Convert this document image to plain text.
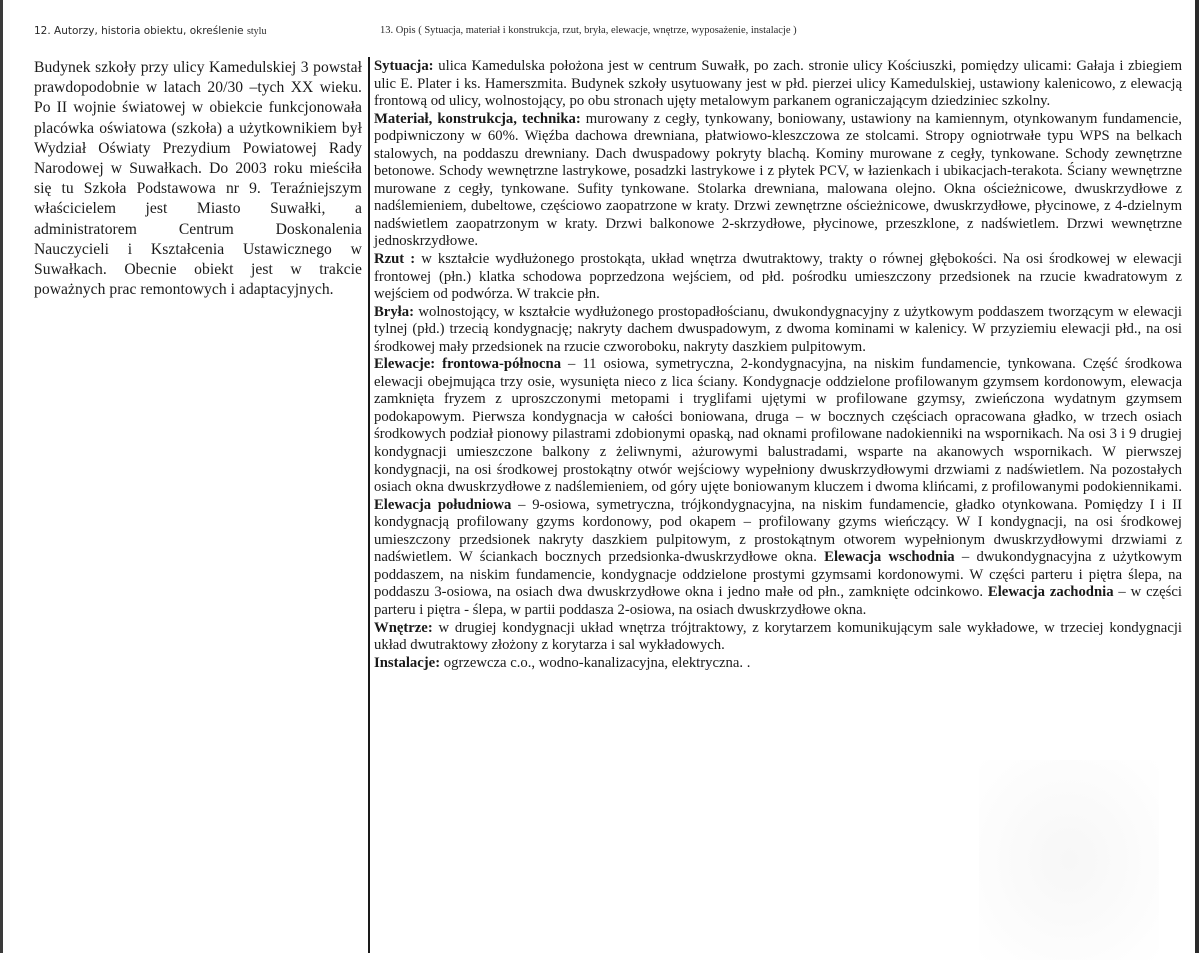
12. Autorzy, historia obiektu, określenie stylu	13. Opis ( Sytuacja, materiał i konstrukcja, rzut, bryła, elewacje, wnętrze, wyposażenie, instalacje )
Budynek szkoły przy ulicy Kamedulskiej 3 powstał prawdopodobnie w latach 20/30 –tych XX wieku. Po II wojnie światowej w obiekcie funkcjonowała placówka oświatowa (szkoła) a użytkownikiem był Wydział Oświaty Prezydium Powiatowej Rady Narodowej w Suwałkach. Do 2003 roku mieściła się tu Szkoła Podstawowa nr 9. Teraźniejszym właścicielem jest Miasto Suwałki, a administratorem Centrum Doskonalenia Nauczycieli i Kształcenia Ustawicznego w Suwałkach. Obecnie obiekt jest w trakcie poważnych prac remontowych i adaptacyjnych.

Sytuacja: ulica Kamedulska położona jest w centrum Suwałk, po zach. stronie ulicy Kościuszki, pomiędzy ulicami: Gałaja i zbiegiem ulic E. Plater i ks. Hamerszmita. Budynek szkoły usytuowany jest w płd. pierzei ulicy Kamedulskiej, ustawiony kalenicowo, z elewacją frontową od ulicy, wolnostojący, po obu stronach ujęty metalowym parkanem ograniczającym dziedziniec szkolny.

Materiał, konstrukcja, technika: murowany z cegły, tynkowany, boniowany, ustawiony na kamiennym, otynkowanym fundamencie, podpiwniczony w 60%. Więźba dachowa drewniana, płatwiowo-kleszczowa ze stolcami. Stropy ogniotrwałe typu WPS na belkach stalowych, na poddaszu drewniany. Dach dwuspadowy pokryty blachą. Kominy murowane z cegły, tynkowane. Schody zewnętrzne betonowe. Schody wewnętrzne lastrykowe, posadzki lastrykowe i z płytek PCV, w łazienkach i ubikacjach-terakota. Ściany wewnętrzne murowane z cegły, tynkowane. Sufity tynkowane. Stolarka drewniana, malowana olejno. Okna ościeżnicowe, dwuskrzydłowe z nadślemieniem, dubeltowe, częściowo zaopatrzone w kraty. Drzwi zewnętrzne ościeżnicowe, dwuskrzydłowe, płycinowe, z 4-dzielnym nadświetlem zaopatrzonym w kraty. Drzwi balkonowe 2-skrzydłowe, płycinowe, przeszklone, z nadświetlem. Drzwi wewnętrzne jednoskrzydłowe.

Rzut : w kształcie wydłużonego prostokąta, układ wnętrza dwutraktowy, trakty o równej głębokości. Na osi środkowej w elewacji frontowej (płn.) klatka schodowa poprzedzona wejściem, od płd. pośrodku umieszczony przedsionek na rzucie kwadratowym z wejściem od podwórza. W trakcie płn.

Bryła: wolnostojący, w kształcie wydłużonego prostopadłościanu, dwukondygnacyjny z użytkowym poddaszem tworzącym w elewacji tylnej (płd.) trzecią kondygnację; nakryty dachem dwuspadowym, z dwoma kominami w kalenicy. W przyziemiu elewacji płd., na osi środkowej mały przedsionek na rzucie czworoboku, nakryty daszkiem pulpitowym.

Elewacje: frontowa-północna – 11 osiowa, symetryczna, 2-kondygnacyjna, na niskim fundamencie, tynkowana. Część środkowa elewacji obejmująca trzy osie, wysunięta nieco z lica ściany. Kondygnacje oddzielone profilowanym gzymsem kordonowym, elewacja zamknięta fryzem z uproszczonymi metopami i tryglifami ujętymi w profilowane gzymsy, zwieńczona wydatnym gzymsem podokapowym. Pierwsza kondygnacja w całości boniowana, druga – w bocznych częściach opracowana gładko, w trzech osiach środkowych podział pionowy pilastrami zdobionymi opaską, nad oknami profilowane nadokienniki na wspornikach. Na osi 3 i 9 drugiej kondygnacji umieszczone balkony z żeliwnymi, ażurowymi balustradami, wsparte na akanowych wspornikach. W pierwszej kondygnacji, na osi środkowej prostokątny otwór wejściowy wypełniony dwuskrzydłowymi drzwiami z nadświetlem. Na pozostałych osiach okna dwuskrzydłowe z nadślemieniem, od góry ujęte boniowanym kluczem i dwoma klińcami, z profilowanymi podokiennikami. Elewacja południowa – 9-osiowa, symetryczna, trójkondygnacyjna, na niskim fundamencie, gładko otynkowana. Pomiędzy I i II kondygnacją profilowany gzyms kordonowy, pod okapem – profilowany gzyms wieńczący. W I kondygnacji, na osi środkowej umieszczony przedsionek nakryty daszkiem pulpitowym, z prostokątnym otworem wypełnionym dwuskrzydłowymi drzwiami z nadświetlem. W ściankach bocznych przedsionka-dwuskrzydłowe okna. Elewacja wschodnia – dwukondygnacyjna z użytkowym poddaszem, na niskim fundamencie, kondygnacje oddzielone prostymi gzymsami kordonowymi. W części parteru i piętra ślepa, na poddaszu 3-osiowa, na osiach dwa dwuskrzydłowe okna i jedno małe od płn., zamknięte odcinkowo. Elewacja zachodnia – w części parteru i piętra - ślepa, w partii poddasza 2-osiowa, na osiach dwuskrzydłowe okna.

Wnętrze: w drugiej kondygnacji układ wnętrza trójtraktowy, z korytarzem komunikującym sale wykładowe, w trzeciej kondygnacji układ dwutraktowy złożony z korytarza i sal wykładowych.

Instalacje: ogrzewcza c.o., wodno-kanalizacyjna, elektryczna. .
